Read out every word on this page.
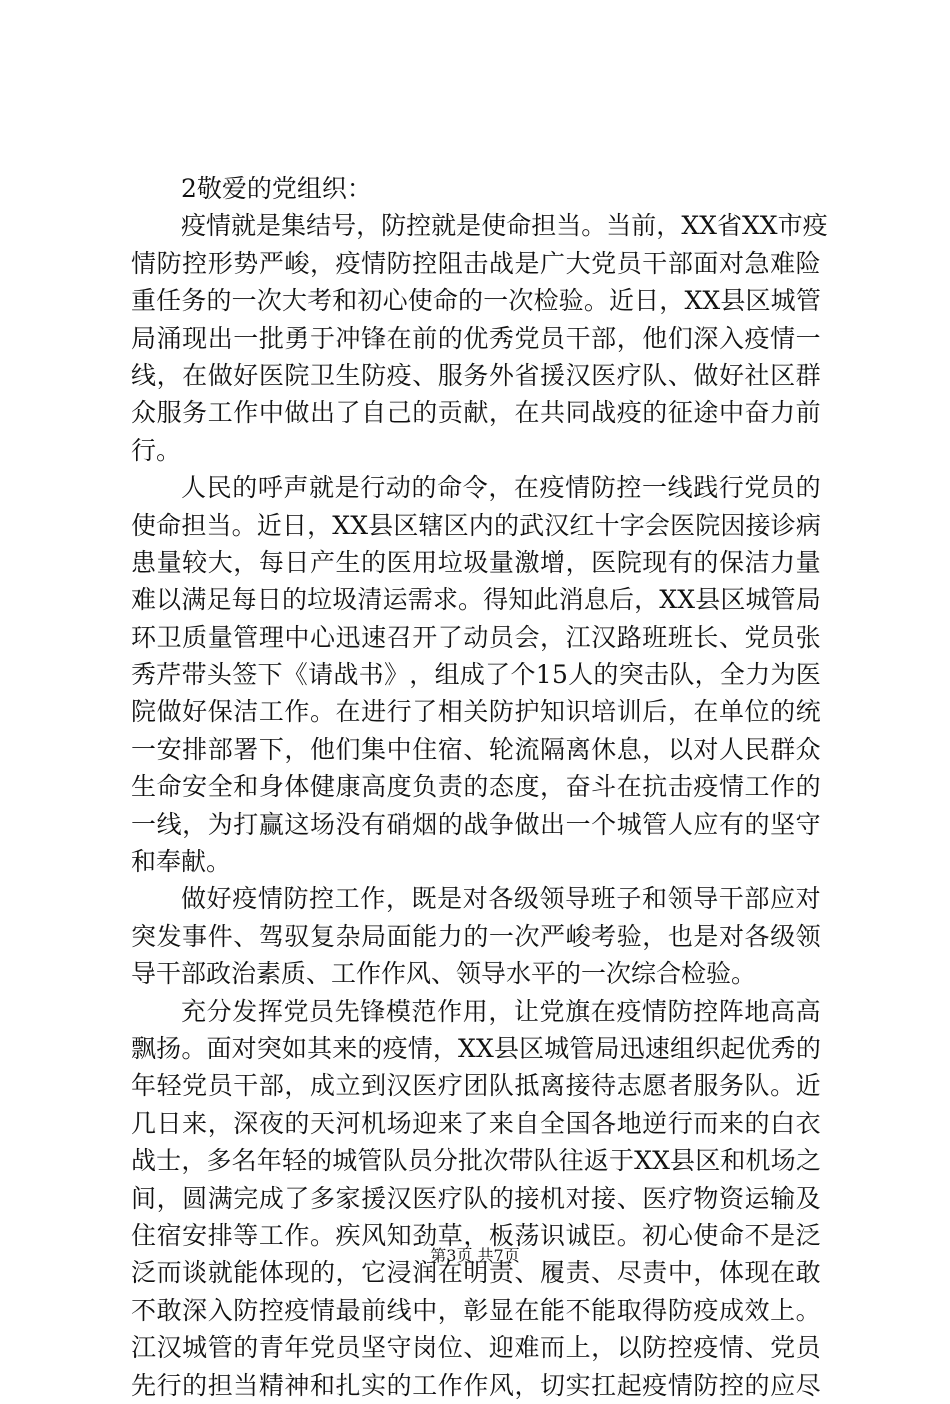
2敬爱的党组织：
疫 情 就 是 集 结 号 ， 防 控 就 是 使 命 担 当 。 当 前 ， X X 省 X X 市 疫
情 防 控 形 势 严 峻 ， 疫 情 防 控 阻 击 战 是 广 大 党 员 干 部 面 对 急 难 险
重 任 务 的 一 次 大 考 和 初 心 使 命 的 一 次 检 验 。 近 日 ， X X 县 区 城 管
局 涌 现 出 一 批 勇 于 冲 锋 在 前 的 优 秀 党 员 干 部 ， 他 们 深 入 疫 情 一
线 ， 在 做 好 医 院 卫 生 防 疫 、 服 务 外 省 援 汉 医 疗 队 、 做 好 社 区 群
众 服 务 工 作 中 做 出 了 自 己 的 贡 献 ， 在 共 同 战 疫 的 征 途 中 奋 力 前
行。
人 民 的 呼 声 就 是 行 动 的 命 令 ， 在 疫 情 防 控 一 线 践 行 党 员 的
使 命 担 当 。 近 日 ， X X 县 区 辖 区 内 的 武 汉 红 十 字 会 医 院 因 接 诊 病
患 量 较 大 ， 每 日 产 生 的 医 用 垃 圾 量 激 增 ， 医 院 现 有 的 保 洁 力 量
难 以 满 足 每 日 的 垃 圾 清 运 需 求 。 得 知 此 消 息 后 ， X X 县 区 城 管 局
环 卫 质 量 管 理 中 心 迅 速 召 开 了 动 员 会 ， 江 汉 路 班 班 长 、 党 员 张
秀 芹 带 头 签 下 《 请 战 书 》 ， 组 成 了 个 1 5 人 的 突 击 队 ， 全 力 为 医
院 做 好 保 洁 工 作 。 在 进 行 了 相 关 防 护 知 识 培 训 后 ， 在 单 位 的 统
一 安 排 部 署 下 ， 他 们 集 中 住 宿 、 轮 流 隔 离 休 息 ， 以 对 人 民 群 众
生 命 安 全 和 身 体 健 康 高 度 负 责 的 态 度 ， 奋 斗 在 抗 击 疫 情 工 作 的
一 线 ， 为 打 赢 这 场 没 有 硝 烟 的 战 争 做 出 一 个 城 管 人 应 有 的 坚 守
和奉献。
做 好 疫 情 防 控 工 作 ， 既 是 对 各 级 领 导 班 子 和 领 导 干 部 应 对
突 发 事 件 、 驾 驭 复 杂 局 面 能 力 的 一 次 严 峻 考 验 ， 也 是 对 各 级 领
导干部政治素质、工作作风、领导水平的一次综合检验。
充 分 发 挥 党 员 先 锋 模 范 作 用 ， 让 党 旗 在 疫 情 防 控 阵 地 高 高
飘 扬 。 面 对 突 如 其 来 的 疫 情 ， X X 县 区 城 管 局 迅 速 组 织 起 优 秀 的
年 轻 党 员 干 部 ， 成 立 到 汉 医 疗 团 队 抵 离 接 待 志 愿 者 服 务 队 。 近
几 日 来 ， 深 夜 的 天 河 机 场 迎 来 了 来 自 全 国 各 地 逆 行 而 来 的 白 衣
战 士 ， 多 名 年 轻 的 城 管 队 员 分 批 次 带 队 往 返 于 X X 县 区 和 机 场 之
间 ， 圆 满 完 成 了 多 家 援 汉 医 疗 队 的 接 机 对 接 、 医 疗 物 资 运 输 及
住 宿 安 排 等 工 作 。 疾 风 知 劲 草 ， 板 荡 识 诚 臣 。 初 心 使 命 不 是 泛
泛 而 谈 就 能 体 现 的 ， 它 浸 润 在 明 责 、 履 责 、 尽 责 中 ， 体 现 在 敢
不 敢 深 入 防 控 疫 情 最 前 线 中 ， 彰 显 在 能 不 能 取 得 防 疫 成 效 上 。
江 汉 城 管 的 青 年 党 员 坚 守 岗 位 、 迎 难 而 上 ， 以 防 控 疫 情 、 党 员
先 行 的 担 当 精 神 和 扎 实 的 工 作 作 风 ， 切 实 扛 起 疫 情 防 控 的 应 尽
第3页 共7页
